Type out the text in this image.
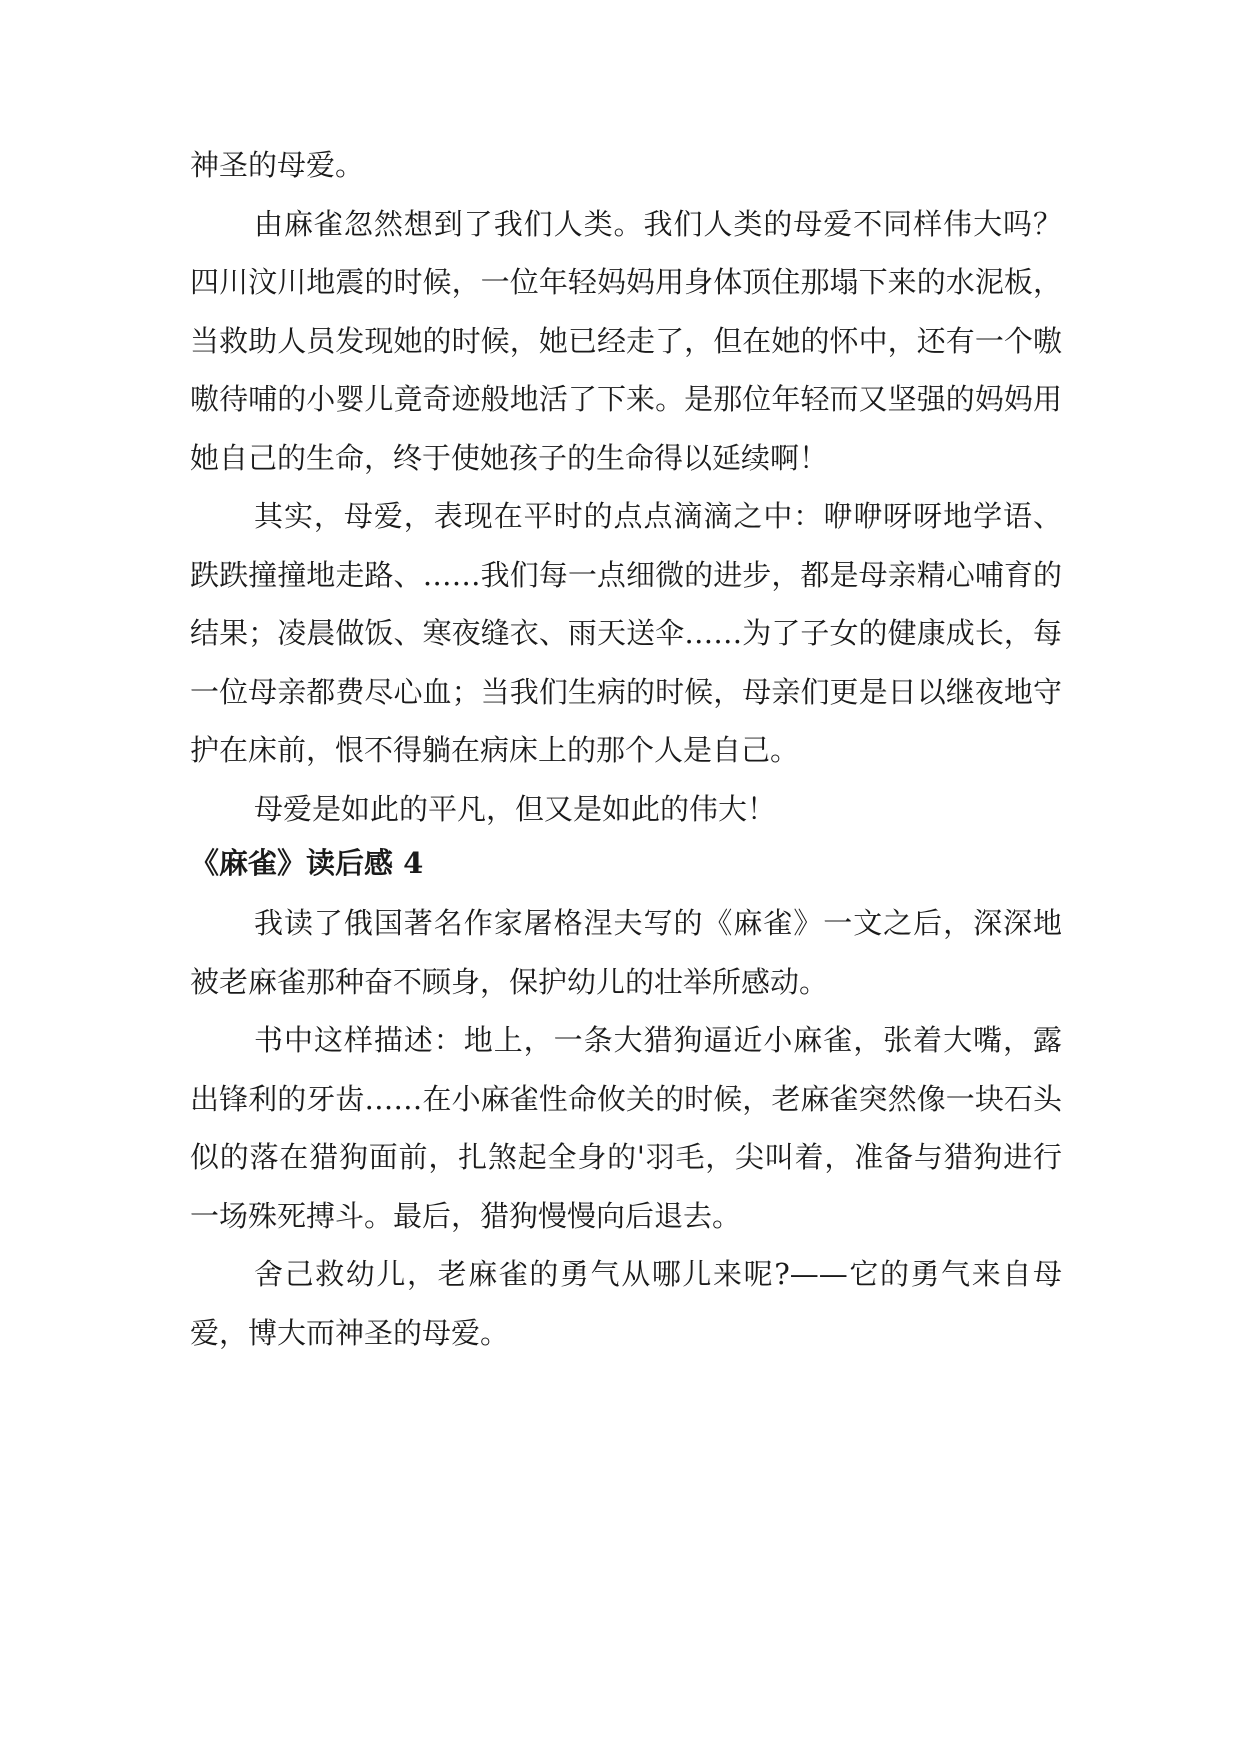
神圣的母爱。

由麻雀忽然想到了我们人类。我们人类的母爱不同样伟大吗？四川汶川地震的时候，一位年轻妈妈用身体顶住那塌下来的水泥板，当救助人员发现她的时候，她已经走了，但在她的怀中，还有一个嗷嗷待哺的小婴儿竟奇迹般地活了下来。是那位年轻而又坚强的妈妈用她自己的生命，终于使她孩子的生命得以延续啊！

其实，母爱，表现在平时的点点滴滴之中：咿咿呀呀地学语、跌跌撞撞地走路、……我们每一点细微的进步，都是母亲精心哺育的结果；凌晨做饭、寒夜缝衣、雨天送伞……为了子女的健康成长，每一位母亲都费尽心血；当我们生病的时候，母亲们更是日以继夜地守护在床前，恨不得躺在病床上的那个人是自己。

母爱是如此的平凡，但又是如此的伟大！

《麻雀》读后感 4

我读了俄国著名作家屠格涅夫写的《麻雀》一文之后，深深地被老麻雀那种奋不顾身，保护幼儿的壮举所感动。

书中这样描述：地上，一条大猎狗逼近小麻雀，张着大嘴，露出锋利的牙齿……在小麻雀性命攸关的时候，老麻雀突然像一块石头似的落在猎狗面前，扎煞起全身的'羽毛，尖叫着，准备与猎狗进行一场殊死搏斗。最后，猎狗慢慢向后退去。

舍己救幼儿，老麻雀的勇气从哪儿来呢?——它的勇气来自母爱，博大而神圣的母爱。
